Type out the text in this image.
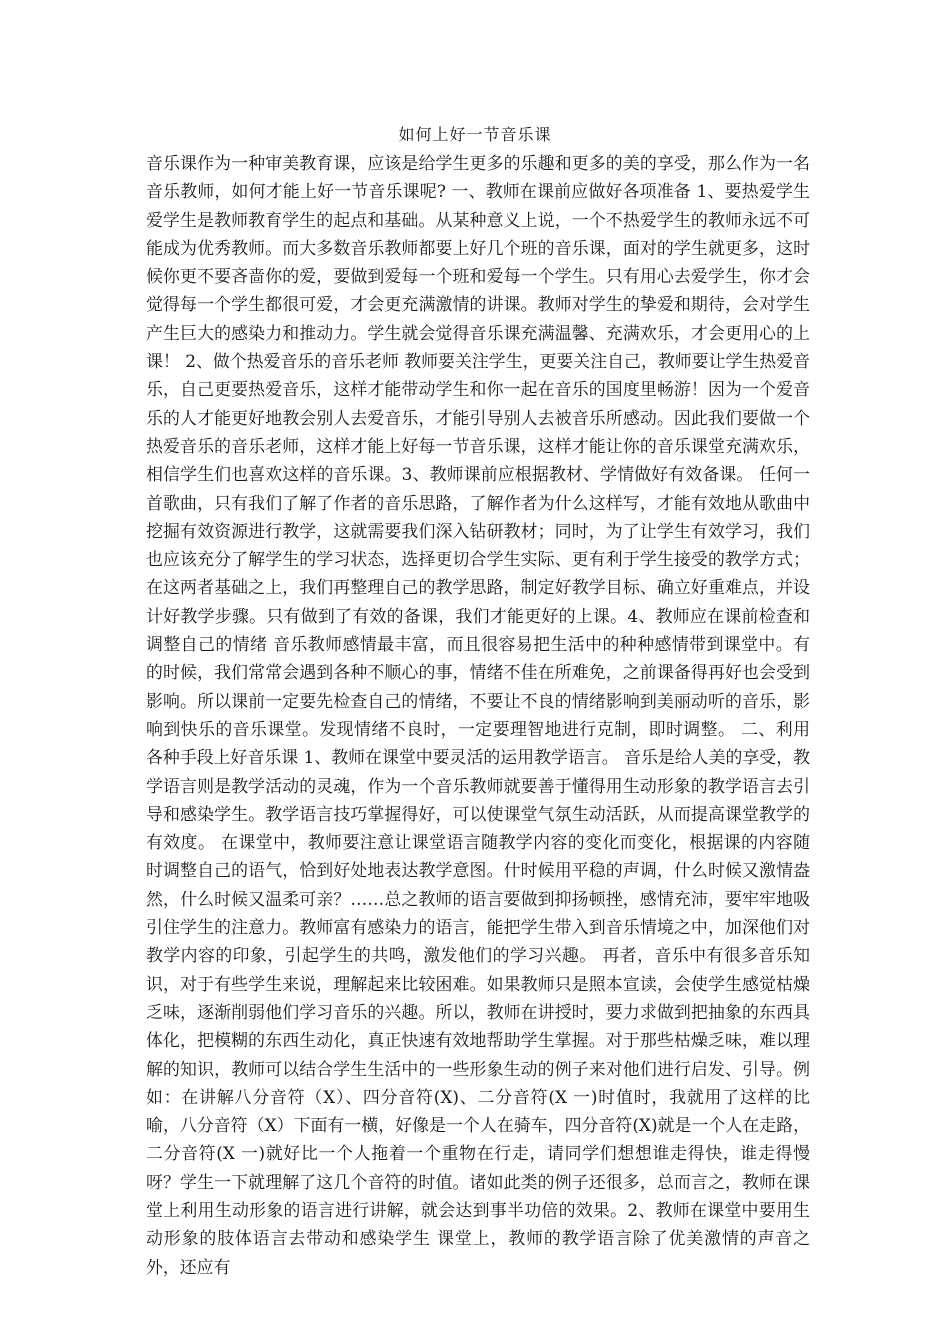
如何上好一节音乐课

音乐课作为一种审美教育课，应该是给学生更多的乐趣和更多的美的享受，那么作为一名音乐教师，如何才能上好一节音乐课呢? 一、教师在课前应做好各项准备 1、要热爱学生 爱学生是教师教育学生的起点和基础。从某种意义上说，一个不热爱学生的教师永远不可能成为优秀教师。而大多数音乐教师都要上好几个班的音乐课，面对的学生就更多，这时候你更不要吝啬你的爱，要做到爱每一个班和爱每一个学生。只有用心去爱学生，你才会觉得每一个学生都很可爱，才会更充满激情的讲课。教师对学生的挚爱和期待，会对学生产生巨大的感染力和推动力。学生就会觉得音乐课充满温馨、充满欢乐，才会更用心的上课！ 2、做个热爱音乐的音乐老师 教师要关注学生，更要关注自己，教师要让学生热爱音乐，自己更要热爱音乐，这样才能带动学生和你一起在音乐的国度里畅游！因为一个爱音乐的人才能更好地教会别人去爱音乐，才能引导别人去被音乐所感动。因此我们要做一个热爱音乐的音乐老师，这样才能上好每一节音乐课，这样才能让你的音乐课堂充满欢乐，相信学生们也喜欢这样的音乐课。3、教师课前应根据教材、学情做好有效备课。 任何一首歌曲，只有我们了解了作者的音乐思路，了解作者为什么这样写，才能有效地从歌曲中挖掘有效资源进行教学，这就需要我们深入钻研教材；同时，为了让学生有效学习，我们也应该充分了解学生的学习状态，选择更切合学生实际、更有利于学生接受的教学方式；在这两者基础之上，我们再整理自己的教学思路，制定好教学目标、确立好重难点，并设计好教学步骤。只有做到了有效的备课，我们才能更好的上课。4、教师应在课前检查和调整自己的情绪 音乐教师感情最丰富，而且很容易把生活中的种种感情带到课堂中。有的时候，我们常常会遇到各种不顺心的事，情绪不佳在所难免，之前课备得再好也会受到影响。所以课前一定要先检查自己的情绪，不要让不良的情绪影响到美丽动听的音乐，影响到快乐的音乐课堂。发现情绪不良时，一定要理智地进行克制，即时调整。 二、利用各种手段上好音乐课 1、教师在课堂中要灵活的运用教学语言。 音乐是给人美的享受，教学语言则是教学活动的灵魂，作为一个音乐教师就要善于懂得用生动形象的教学语言去引导和感染学生。教学语言技巧掌握得好，可以使课堂气氛生动活跃，从而提高课堂教学的有效度。 在课堂中，教师要注意让课堂语言随教学内容的变化而变化，根据课的内容随时调整自己的语气，恰到好处地表达教学意图。什时候用平稳的声调，什么时候又激情盎然，什么时候又温柔可亲？……总之教师的语言要做到抑扬顿挫，感情充沛，要牢牢地吸引住学生的注意力。教师富有感染力的语言，能把学生带入到音乐情境之中，加深他们对教学内容的印象，引起学生的共鸣，激发他们的学习兴趣。 再者，音乐中有很多音乐知识，对于有些学生来说，理解起来比较困难。如果教师只是照本宣读，会使学生感觉枯燥乏味，逐渐削弱他们学习音乐的兴趣。所以，教师在讲授时，要力求做到把抽象的东西具体化，把模糊的东西生动化，真正快速有效地帮助学生掌握。对于那些枯燥乏味，难以理解的知识，教师可以结合学生生活中的一些形象生动的例子来对他们进行启发、引导。例如：在讲解八分音符（X）、四分音符(X)、二分音符(X 一)时值时，我就用了这样的比喻，八分音符（X）下面有一横，好像是一个人在骑车，四分音符(X)就是一个人在走路，二分音符(X 一)就好比一个人拖着一个重物在行走，请同学们想想谁走得快，谁走得慢呀？学生一下就理解了这几个音符的时值。诸如此类的例子还很多，总而言之，教师在课堂上利用生动形象的语言进行讲解，就会达到事半功倍的效果。2、教师在课堂中要用生动形象的肢体语言去带动和感染学生 课堂上，教师的教学语言除了优美激情的声音之外，还应有
